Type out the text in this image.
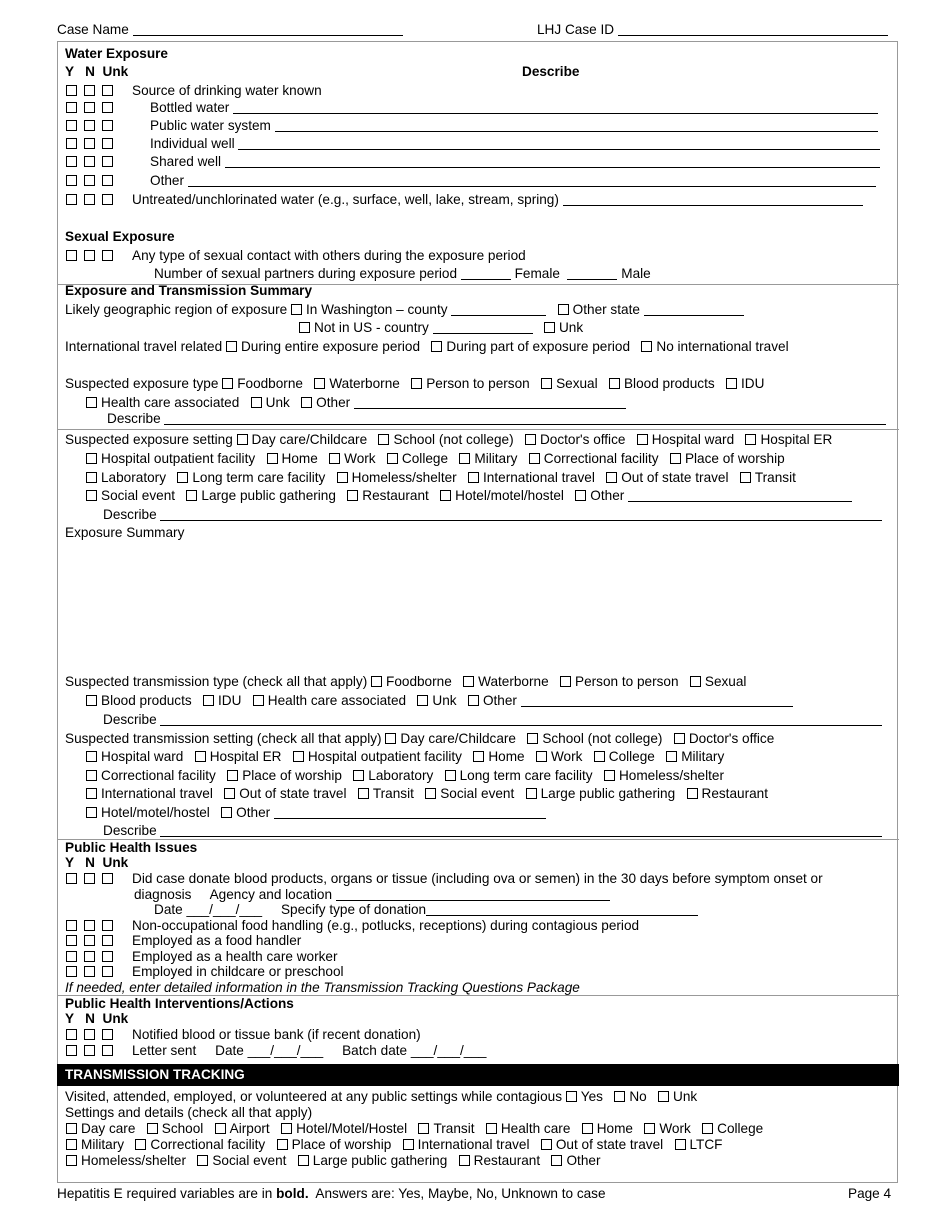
Case Name	LHJ Case ID
Water Exposure
Y   N  Unk	Describe
Source of drinking water known
Bottled water
Public water system
Individual well
Shared well
Other
Untreated/unchlorinated water (e.g., surface, well, lake, stream, spring)
Sexual Exposure
Any type of sexual contact with others during the exposure period
Number of sexual partners during exposure period	Female	Male
Exposure and Transmission Summary
Likely geographic region of exposure In Washington – county	Other state
Not in US - country	Unk
International travel related During entire exposure period During part of exposure period No international travel
Suspected exposure type Foodborne Waterborne Person to person Sexual Blood products IDU
Health care associated Unk Other
Describe
Suspected exposure setting Day care/Childcare School (not college) Doctor's office Hospital ward Hospital ER
Hospital outpatient facility Home Work College Military Correctional facility Place of worship
Laboratory Long term care facility Homeless/shelter International travel Out of state travel Transit
Social event Large public gathering Restaurant Hotel/motel/hostel Other
Describe
Exposure Summary
Suspected transmission type (check all that apply) Foodborne Waterborne Person to person Sexual
Blood products IDU Health care associated Unk Other
Describe
Suspected transmission setting (check all that apply) Day care/Childcare School (not college) Doctor's office
Hospital ward Hospital ER Hospital outpatient facility Home Work College Military
Correctional facility Place of worship Laboratory Long term care facility Homeless/shelter
International travel Out of state travel Transit Social event Large public gathering Restaurant
Hotel/motel/hostel Other
Describe
Public Health Issues
Y   N  Unk
Did case donate blood products, organs or tissue (including ova or semen) in the 30 days before symptom onset or
diagnosis Agency and location
Date ___/___/___ Specify type of donation
Non-occupational food handling (e.g., potlucks, receptions) during contagious period
Employed as a food handler
Employed as a health care worker
Employed in childcare or preschool
If needed, enter detailed information in the Transmission Tracking Questions Package
Public Health Interventions/Actions
Y   N  Unk
Notified blood or tissue bank (if recent donation)
Letter sent Date ___/___/___ Batch date ___/___/___
TRANSMISSION TRACKING
Visited, attended, employed, or volunteered at any public settings while contagious Yes No Unk
Settings and details (check all that apply)
Day care School Airport Hotel/Motel/Hostel Transit Health care Home Work College
Military Correctional facility Place of worship International travel Out of state travel LTCF
Homeless/shelter Social event Large public gathering Restaurant Other
Hepatitis E required variables are in bold.  Answers are: Yes, Maybe, No, Unknown to case	Page 4
